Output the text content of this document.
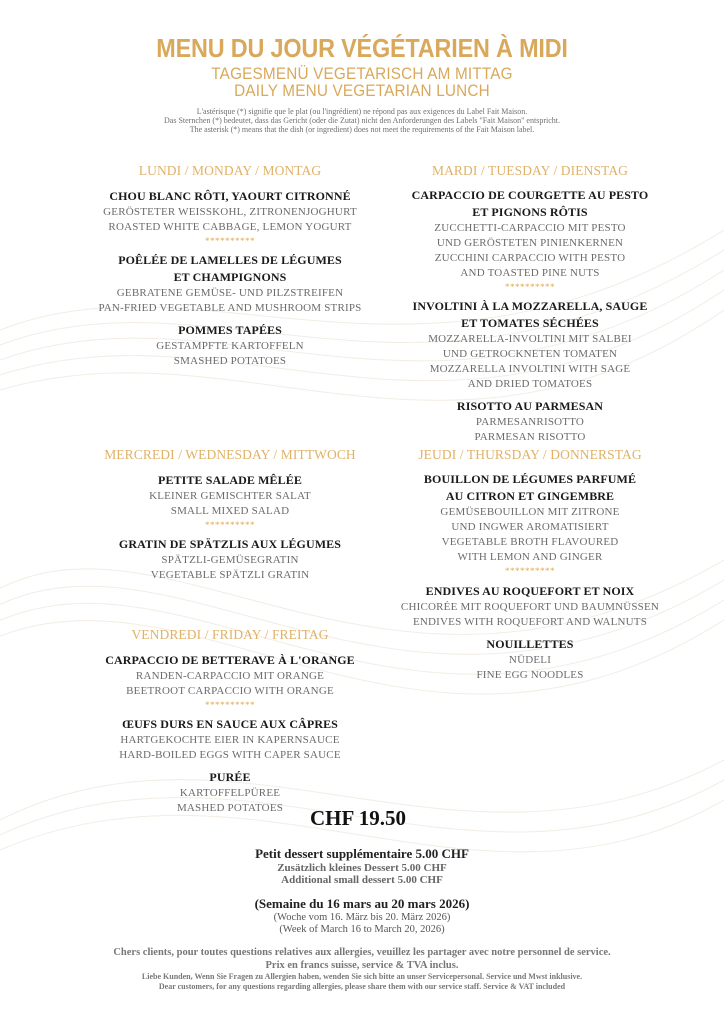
MENU DU JOUR VÉGÉTARIEN À MIDI
TAGESMENÜ VEGETARISCH AM MITTAG
DAILY MENU VEGETARIAN LUNCH
L'astérisque (*) signifie que le plat (ou l'ingrédient) ne répond pas aux exigences du Label Fait Maison.
Das Sternchen (*) bedeutet, dass das Gericht (oder die Zutat) nicht den Anforderungen des Labels "Fait Maison" entspricht.
The asterisk (*) means that the dish (or ingredient) does not meet the requirements of the Fait Maison label.
LUNDI / MONDAY / MONTAG
CHOU BLANC RÔTI, YAOURT CITRONNÉ
GERÖSTETER WEISSKOHL, ZITRONENJOGHURT
ROASTED WHITE CABBAGE, LEMON YOGURT
**********
POÊLÉE DE LAMELLES DE LÉGUMES
ET CHAMPIGNONS
GEBRATENE GEMÜSE- UND PILZSTREIFEN
PAN-FRIED VEGETABLE AND MUSHROOM STRIPS
POMMES TAPÉES
GESTAMPFTE KARTOFFELN
SMASHED POTATOES
MARDI / TUESDAY / DIENSTAG
CARPACCIO DE COURGETTE AU PESTO
ET PIGNONS RÔTIS
ZUCCHETTI-CARPACCIO MIT PESTO
UND GERÖSTETEN PINIENKERNEN
ZUCCHINI CARPACCIO WITH PESTO
AND TOASTED PINE NUTS
**********
INVOLTINI À LA MOZZARELLA, SAUGE
ET TOMATES SÉCHÉES
MOZZARELLA-INVOLTINI MIT SALBEI
UND GETROCKNETEN TOMATEN
MOZZARELLA INVOLTINI WITH SAGE
AND DRIED TOMATOES
RISOTTO AU PARMESAN
PARMESANRISOTTO
PARMESAN RISOTTO
MERCREDI / WEDNESDAY / MITTWOCH
PETITE SALADE MÊLÉE
KLEINER GEMISCHTER SALAT
SMALL MIXED SALAD
**********
GRATIN DE SPÄTZLIS AUX LÉGUMES
SPÄTZLI-GEMÜSEGRATIN
VEGETABLE SPÄTZLI GRATIN
JEUDI / THURSDAY / DONNERSTAG
BOUILLON DE LÉGUMES PARFUMÉ
AU CITRON ET GINGEMBRE
GEMÜSEBOUILLON MIT ZITRONE
UND INGWER AROMATISIERT
VEGETABLE BROTH FLAVOURED
WITH LEMON AND GINGER
**********
ENDIVES AU ROQUEFORT ET NOIX
CHICORÉE MIT ROQUEFORT UND BAUMNÜSSEN
ENDIVES WITH ROQUEFORT AND WALNUTS
NOUILLETTES
NÜDELI
FINE EGG NOODLES
VENDREDI / FRIDAY / FREITAG
CARPACCIO DE BETTERAVE À L'ORANGE
RANDEN-CARPACCIO MIT ORANGE
BEETROOT CARPACCIO WITH ORANGE
**********
ŒUFS DURS EN SAUCE AUX CÂPRES
HARTGEKOCHTE EIER IN KAPERNSAUCE
HARD-BOILED EGGS WITH CAPER SAUCE
PURÉE
KARTOFFELPÜREE
MASHED POTATOES	CHF 19.50
Petit dessert supplémentaire 5.00 CHF
Zusätzlich kleines Dessert 5.00 CHF
Additional small dessert 5.00 CHF
(Semaine du 16 mars au 20 mars 2026)
(Woche vom 16. März bis 20. März 2026)
(Week of March 16 to March 20, 2026)
Chers clients, pour toutes questions relatives aux allergies, veuillez les partager avec notre personnel de service.
Prix en francs suisse, service & TVA inclus.
Liebe Kunden, Wenn Sie Fragen zu Allergien haben, wenden Sie sich bitte an unser Servicepersonal. Service und Mwst inklusive.
Dear customers, for any questions regarding allergies, please share them with our service staff. Service & VAT included
